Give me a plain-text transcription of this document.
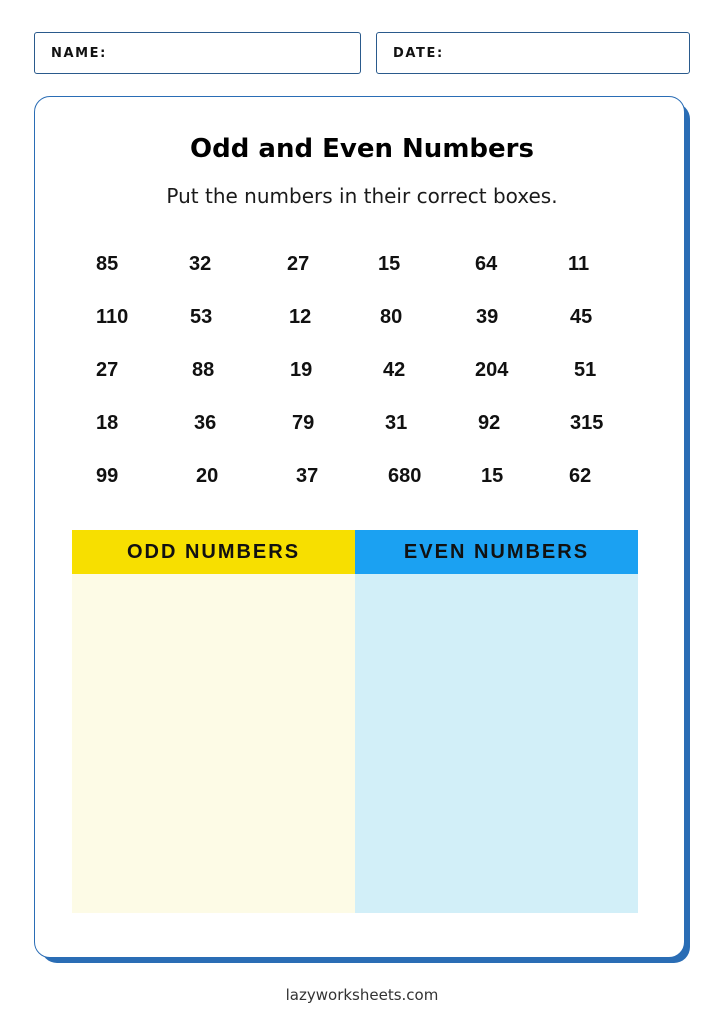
NAME:	DATE:
Odd and Even Numbers
Put the numbers in their correct boxes.
85	32	27	15	64	11
110	53	12	80	39	45
27	88	19	42	204	51
18	36	79	31	92	315
99	20	37	680	15	62
ODD NUMBERS	EVEN NUMBERS
lazyworksheets.com
